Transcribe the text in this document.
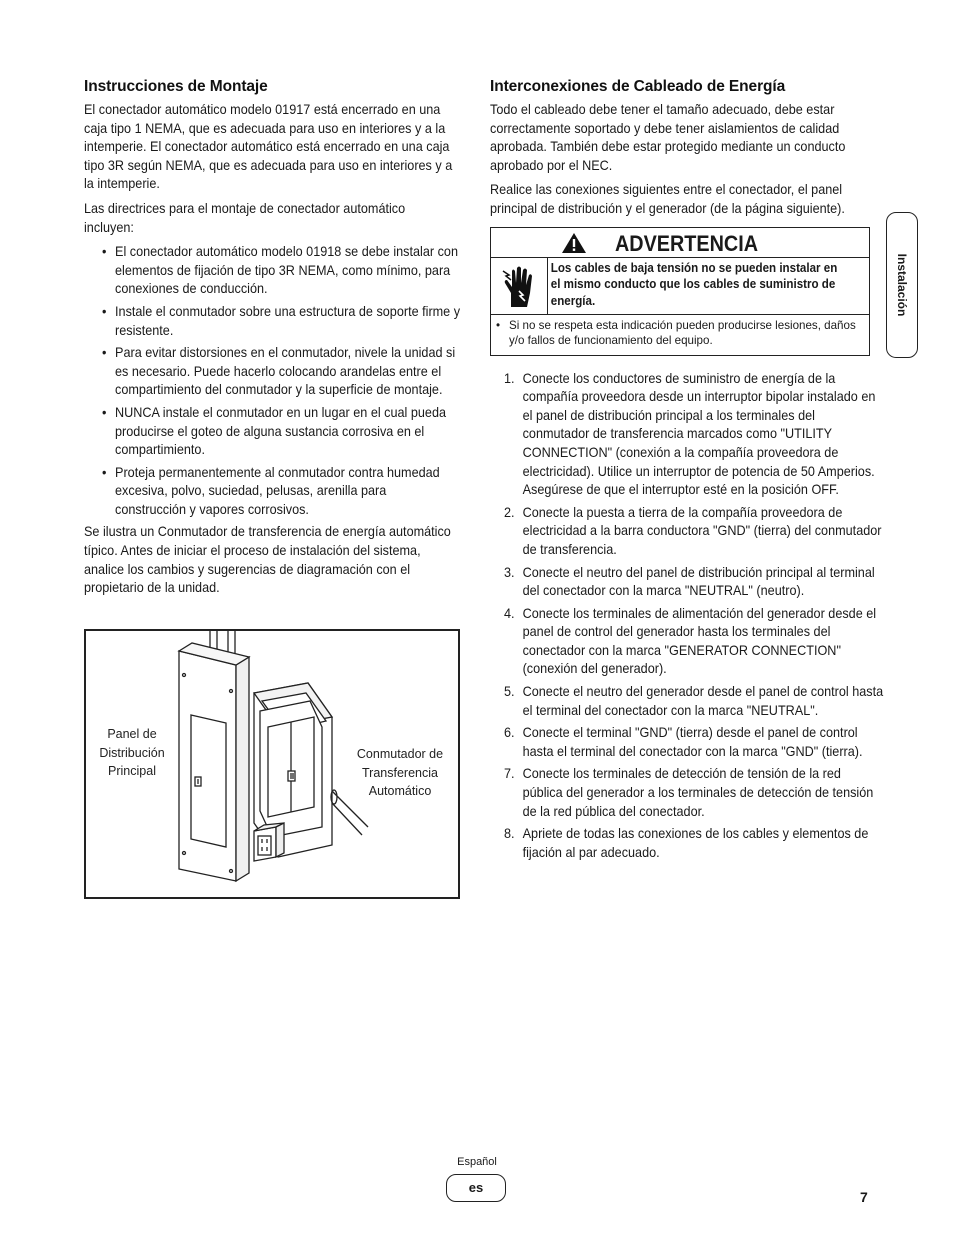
Instrucciones de Montaje

El conectador automático modelo 01917 está encerrado en una caja tipo 1 NEMA, que es adecuada para uso en interiores y a la intemperie. El conectador automático está encerrado en una caja tipo 3R según NEMA, que es adecuada para uso en interiores y a la intemperie.

Las directrices para el montaje de conectador automático incluyen:

• El conectador automático modelo 01918 se debe instalar con elementos de fijación de tipo 3R NEMA, como mínimo, para conexiones de conducción.
• Instale el conmutador sobre una estructura de soporte firme y resistente.
• Para evitar distorsiones en el conmutador, nivele la unidad si es necesario. Puede hacerlo colocando arandelas entre el compartimiento del conmutador y la superficie de montaje.
• NUNCA instale el conmutador en un lugar en el cual pueda producirse el goteo de alguna sustancia corrosiva en el compartimiento.
• Proteja permanentemente al conmutador contra humedad excesiva, polvo, suciedad, pelusas, arenilla para construcción y vapores corrosivos.

Se ilustra un Conmutador de transferencia de energía automático típico. Antes de iniciar el proceso de instalación del sistema, analice los cambios y sugerencias de diagramación con el propietario de la unidad.

Panel de
Distribución
Principal
Conmutador de
Transferencia
Automático
Interconexiones de Cableado de Energía

Todo el cableado debe tener el tamaño adecuado, debe estar correctamente soportado y debe tener aislamientos de calidad aprobada. También debe estar protegido mediante un conducto aprobado por el NEC.

Realice las conexiones siguientes entre el conectador, el panel principal de distribución y el generador (de la página siguiente).

ADVERTENCIA
Los cables de baja tensión no se pueden instalar en el mismo conducto que los cables de suministro de energía.
• Si no se respeta esta indicación pueden producirse lesiones, daños y/o fallos de funcionamiento del equipo.
1. Conecte los conductores de suministro de energía de la compañía proveedora desde un interruptor bipolar instalado en el panel de distribución principal a los terminales del conmutador de transferencia marcados como "UTILITY CONNECTION" (conexión a la compañía proveedora de electricidad). Utilice un interruptor de potencia de 50 Amperios. Asegúrese de que el interruptor esté en la posición OFF.
2. Conecte la puesta a tierra de la compañía proveedora de electricidad a la barra conductora "GND" (tierra) del conmutador de transferencia.
3. Conecte el neutro del panel de distribución principal al terminal del conectador con la marca "NEUTRAL" (neutro).
4. Conecte los terminales de alimentación del generador desde el panel de control del generador hasta los terminales del conectador con la marca "GENERATOR CONNECTION" (conexión del generador).
5. Conecte el neutro del generador desde el panel de control hasta el terminal del conectador con la marca "NEUTRAL".
6. Conecte el terminal "GND" (tierra) desde el panel de control hasta el terminal del conectador con la marca "GND" (tierra).
7. Conecte los terminales de detección de tensión de la red pública del generador a los terminales de detección de tensión de la red pública del conectador.
8. Apriete de todas las conexiones de los cables y elementos de fijación al par adecuado.
Instalación
Español
es
7
